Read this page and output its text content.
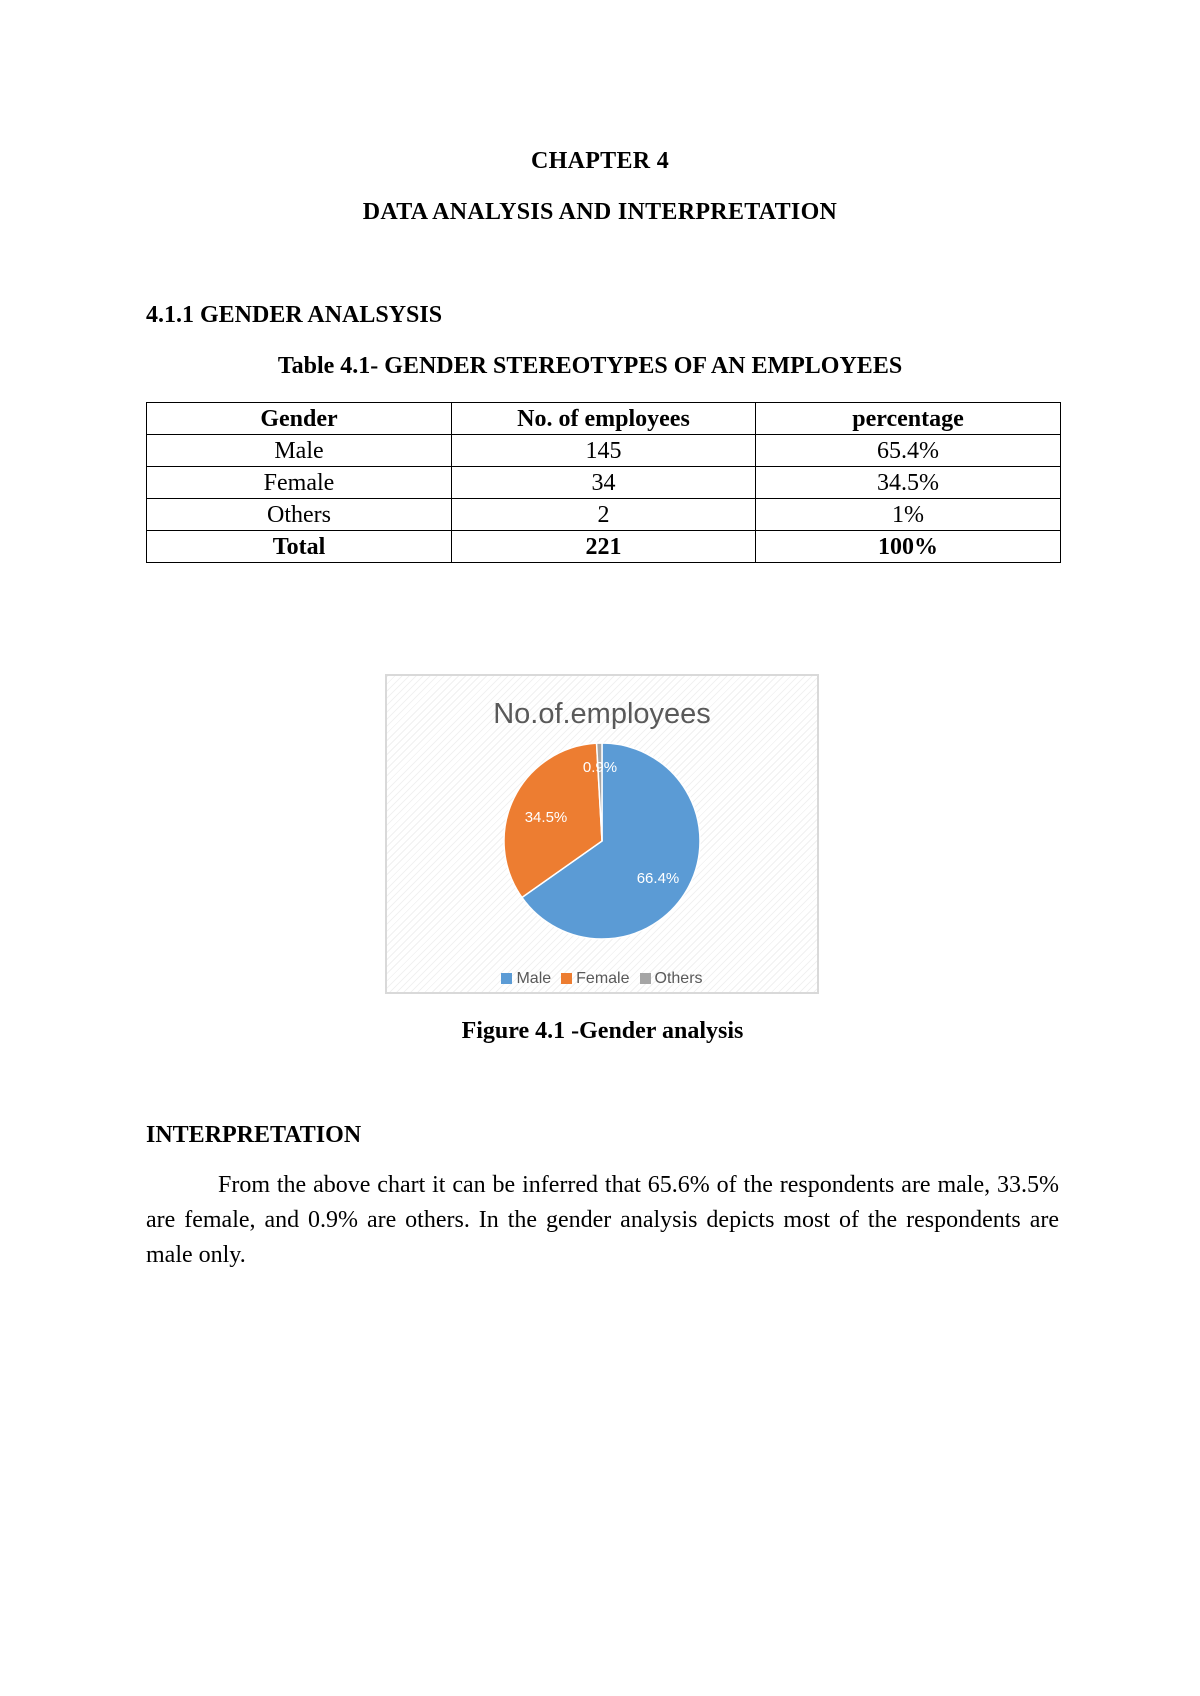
CHAPTER 4
DATA ANALYSIS AND INTERPRETATION
4.1.1 GENDER ANALSYSIS
Table 4.1- GENDER STEREOTYPES OF AN EMPLOYEES
Gender	No. of employees	percentage
Male	145	65.4%
Female	34	34.5%
Others	2	1%
Total	221	100%
No.of.employees
66.4%
34.5%
0.9%
Male Female Others
Figure 4.1 -Gender analysis
INTERPRETATION
From the above chart it can be inferred that 65.6% of the respondents are male, 33.5% are female, and 0.9% are others. In the gender analysis depicts most of the respondents are male only.
